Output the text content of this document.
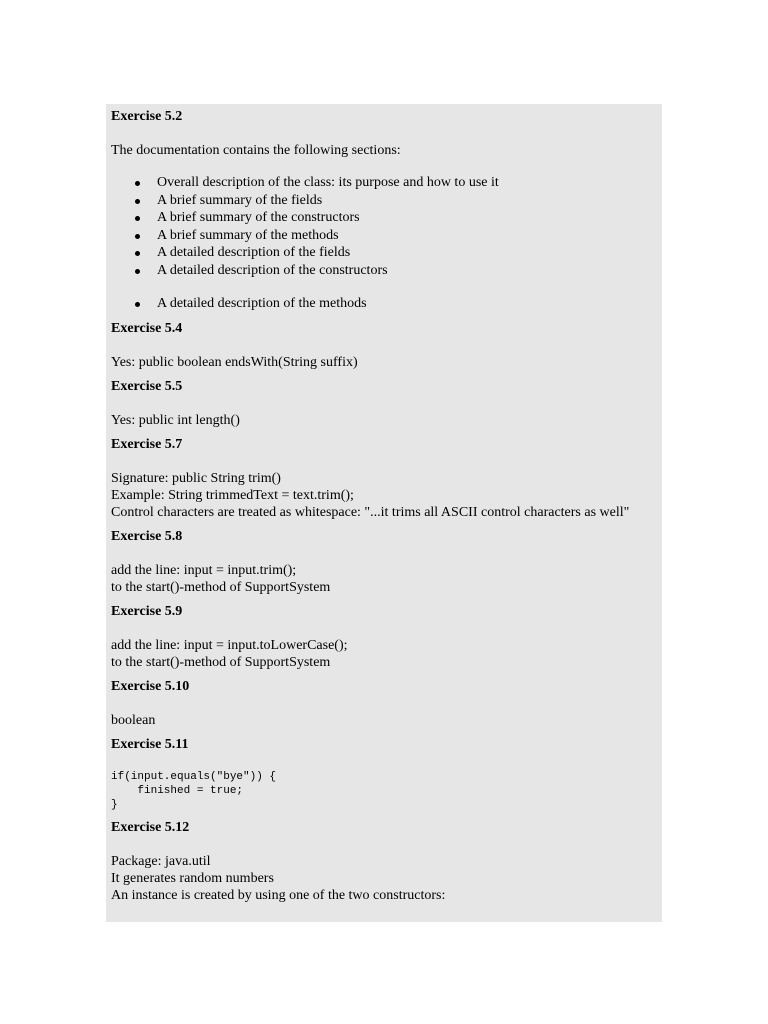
Exercise 5.2

The documentation contains the following sections:

Overall description of the class: its purpose and how to use it
A brief summary of the fields
A brief summary of the constructors
A brief summary of the methods
A detailed description of the fields
A detailed description of the constructors
A detailed description of the methods

Exercise 5.4

Yes: public boolean endsWith(String suffix)

Exercise 5.5

Yes: public int length()

Exercise 5.7

Signature: public String trim()

Example: String trimmedText = text.trim();

Control characters are treated as whitespace: "...it trims all ASCII control characters as well"

Exercise 5.8

add the line: input = input.trim();

to the start()-method of SupportSystem

Exercise 5.9

add the line: input = input.toLowerCase();

to the start()-method of SupportSystem

Exercise 5.10

boolean

Exercise 5.11

if(input.equals("bye")) {
finished = true;
}

Exercise 5.12

Package: java.util

It generates random numbers

An instance is created by using one of the two constructors:
